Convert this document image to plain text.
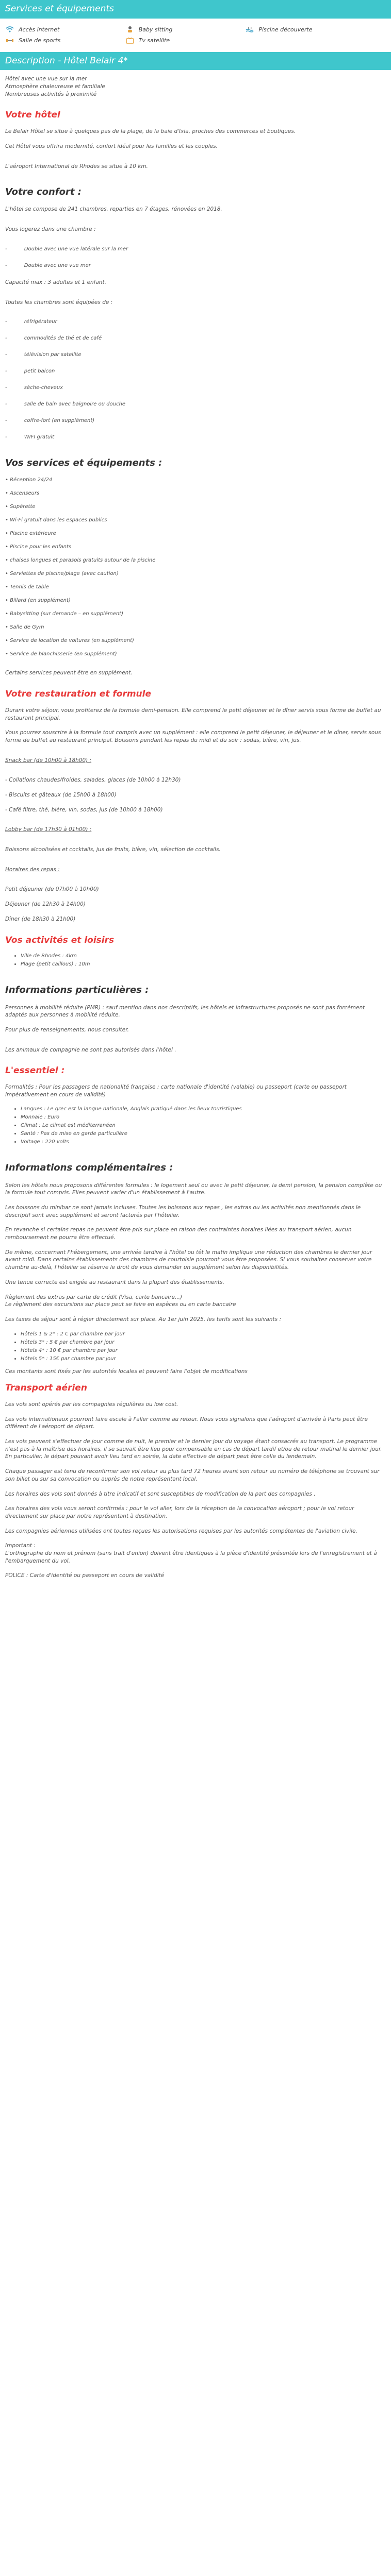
Services et équipements
Accès internet	Baby sitting	Piscine découverte
Salle de sports	Tv satellite
Description - Hôtel Belair 4*

Hôtel avec une vue sur la mer

Atmosphère chaleureuse et familiale

Nombreuses activités à proximité

Votre hôtel

Le Belair Hôtel se situe à quelques pas de la plage, de la baie d'Ixia, proches des commerces et boutiques.

Cet Hôtel vous offrira modernité, confort idéal pour les familles et les couples.

L'aéroport International de Rhodes se situe à 10 km.

Votre confort :

L'hôtel se compose de 241 chambres, reparties en 7 étages, rénovées en 2018.

Vous logerez dans une chambre :

- Double avec une vue latérale sur la mer
- Double avec une vue mer

Capacité max : 3 adultes et 1 enfant.

Toutes les chambres sont équipées de :

- réfrigérateur
- commodités de thé et de café
- télévision par satellite
- petit balcon
- sèche-cheveux
- salle de bain avec baignoire ou douche
- coffre-fort (en supplément)
- WIFI gratuit
Vos services et équipements :
• Réception 24/24
• Ascenseurs
• Supérette
• Wi-Fi gratuit dans les espaces publics
• Piscine extérieure
• Piscine pour les enfants
• chaises longues et parasols gratuits autour de la piscine
• Serviettes de piscine/plage (avec caution)
• Tennis de table
• Billard (en supplément)
• Babysitting (sur demande – en supplément)
• Salle de Gym
• Service de location de voitures (en supplément)
• Service de blanchisserie (en supplément)

Certains services peuvent être en supplément.

Votre restauration et formule

Durant votre séjour, vous profiterez de la formule demi-pension. Elle comprend le petit déjeuner et le dîner servis sous forme de buffet au restaurant principal.

Vous pourrez souscrire à la formule tout compris avec un supplément : elle comprend le petit déjeuner, le déjeuner et le dîner, servis sous forme de buffet au restaurant principal. Boissons pendant les repas du midi et du soir : sodas, bière, vin, jus.

Snack bar (de 10h00 à 18h00) :

- Collations chaudes/froides, salades, glaces (de 10h00 à 12h30)

- Biscuits et gâteaux (de 15h00 à 18h00)

- Café filtre, thé, bière, vin, sodas, jus (de 10h00 à 18h00)

Lobby bar (de 17h30 à 01h00) :

Boissons alcoolisées et cocktails, jus de fruits, bière, vin, sélection de cocktails.

Horaires des repas :

Petit déjeuner (de 07h00 à 10h00)

Déjeuner (de 12h30 à 14h00)

Dîner (de 18h30 à 21h00)

Vos activités et loisirs
• Ville de Rhodes : 4km
• Plage (petit caillous) : 10m
Informations particulières :

Personnes à mobilité réduite (PMR) : sauf mention dans nos descriptifs, les hôtels et infrastructures proposés ne sont pas forcément adaptés aux personnes à mobilité réduite.

Pour plus de renseignements, nous consulter.

Les animaux de compagnie ne sont pas autorisés dans l'hôtel .

L'essentiel :

Formalités : Pour les passagers de nationalité française : carte nationale d'identité (valable) ou passeport (carte ou passeport impérativement en cours de validité)

• Langues : Le grec est la langue nationale, Anglais pratiqué dans les lieux touristiques
• Monnaie : Euro
• Climat : Le climat est méditerranéen
• Santé : Pas de mise en garde particulière
• Voltage : 220 volts
Informations complémentaires :

Selon les hôtels nous proposons différentes formules : le logement seul ou avec le petit déjeuner, la demi pension, la pension complète ou la formule tout compris. Elles peuvent varier d'un établissement à l'autre.

Les boissons du minibar ne sont jamais incluses. Toutes les boissons aux repas , les extras ou les activités non mentionnés dans le descriptif sont avec supplément et seront facturés par l'hôtelier.

En revanche si certains repas ne peuvent être pris sur place en raison des contraintes horaires liées au transport aérien, aucun remboursement ne pourra être effectué.

De même, concernant l'hébergement, une arrivée tardive à l'hôtel ou têt le matin implique une réduction des chambres le dernier jour avant midi. Dans certains établissements des chambres de courtoisie pourront vous être proposées. Si vous souhaitez conserver votre chambre au-delà, l'hôtelier se réserve le droit de vous demander un supplément selon les disponibilités.

Une tenue correcte est exigée au restaurant dans la plupart des établissements.

Règlement des extras par carte de crédit (Visa, carte bancaire...)

Le règlement des excursions sur place peut se faire en espèces ou en carte bancaire

Les taxes de séjour sont à régler directement sur place. Au 1er juin 2025, les tarifs sont les suivants :

• Hôtels 1 & 2* : 2 € par chambre par jour
• Hôtels 3* : 5 € par chambre par jour
• Hôtels 4* : 10 € par chambre par jour
• Hôtels 5* : 15€ par chambre par jour

Ces montants sont fixés par les autorités locales et peuvent faire l'objet de modifications

Transport aérien

Les vols sont opérés par les compagnies régulières ou low cost.

Les vols internationaux pourront faire escale à l'aller comme au retour. Nous vous signalons que l'aéroport d'arrivée à Paris peut être différent de l'aéroport de départ.

Les vols peuvent s'effectuer de jour comme de nuit, le premier et le dernier jour du voyage étant consacrés au transport. Le programme n'est pas à la maîtrise des horaires, il se sauvait être lieu pour compensable en cas de départ tardif et/ou de retour matinal le dernier jour. En particulier, le départ pouvant avoir lieu tard en soirée, la date effective de départ peut être celle du lendemain.

Chaque passager est tenu de reconfirmer son vol retour au plus tard 72 heures avant son retour au numéro de téléphone se trouvant sur son billet ou sur sa convocation ou auprès de notre représentant local.

Les horaires des vols sont donnés à titre indicatif et sont susceptibles de modification de la part des compagnies .

Les horaires des vols vous seront confirmés : pour le vol aller, lors de la réception de la convocation aéroport ; pour le vol retour directement sur place par notre représentant à destination.

Les compagnies aériennes utilisées ont toutes reçues les autorisations requises par les autorités compétentes de l'aviation civile.

Important :

L'orthographe du nom et prénom (sans trait d'union) doivent être identiques à la pièce d'identité présentée lors de l'enregistrement et à l'embarquement du vol.

POLICE : Carte d'identité ou passeport en cours de validité
